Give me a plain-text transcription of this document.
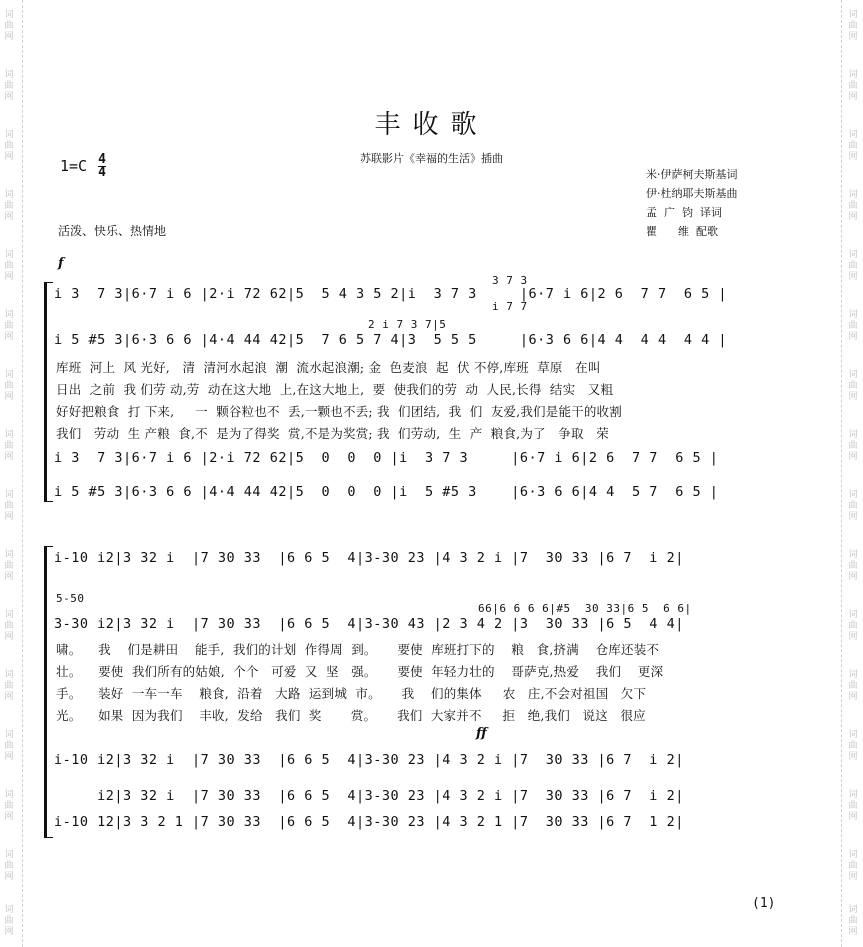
词
曲
网
词
曲
网
词
曲
网
词
曲
网
词
曲
网
词
曲
网
词
曲
网
词
曲
网
词
曲
网
词
曲
网
词
曲
网
词
曲
网
词
曲
网
词
曲
网
词
曲
网
词
曲
网
词
曲
网
词
曲
网
词
曲
网
词
曲
网
词
曲
网
词
曲
网
词
曲
网
词
曲
网
词
曲
网
词
曲
网
词
曲
网
词
曲
网
词
曲
网
词
曲
网
词
曲
网
词
曲
网
丰收歌
苏联影片《幸福的生活》插曲
$1=C \frac{4}{4}$	米·伊萨柯夫斯基词
伊·杜纳耶夫斯基曲
孟  广  钧  译词
瞿      维  配歌
活泼、快乐、热情地
f
3 7 3
i 3  7 3|6·7 i 6 |2·i 72 62|5  5 4 3 5 2|i  3 7 3     |6·7 i 6|2 6  7 7  6 5 |
i 7 7
2 i 7 3 7|5
i 5 #5 3|6·3 6 6 |4·4 44 42|5  7 6 5 7 4|3  5 5 5     |6·3 6 6|4 4  4 4  4 4 |
库班  河上  风 光好,   清  清河水起浪  潮  流水起浪潮; 金  色麦浪  起  伏 不停,库班  草原   在叫
日出  之前  我 们劳 动,劳  动在这大地  上,在这大地上,  要  使我们的劳  动  人民,长得  结实   又粗
好好把粮食  打 下来,     一  颗谷粒也不  丢,一颗也不丢; 我  们团结,  我  们  友爱,我们是能干的收割
我们   劳动  生 产粮  食,不  是为了得奖  赏,不是为奖赏; 我  们劳动,  生  产  粮食,为了   争取   荣
i 3  7 3|6·7 i 6 |2·i 72 62|5  0  0  0 |i  3 7 3     |6·7 i 6|2 6  7 7  6 5 |
i 5 #5 3|6·3 6 6 |4·4 44 42|5  0  0  0 |i  5 #5 3    |6·3 6 6|4 4  5 7  6 5 |
i-10 i2|3 32 i  |7 30 33  |6 6 5  4|3-30 23 |4 3 2 i |7  30 33 |6 7  i 2|
5-50
66|6 6 6 6|#5  30 33|6 5  6 6|
3-30 i2|3 32 i  |7 30 33  |6 6 5  4|3-30 43 |2 3 4 2 |3  30 33 |6 5  4 4|
啸。    我    们是耕田    能手,  我们的计划  作得周  到。     要使  库班打下的    粮   食,挤满    仓库还装不
壮。    要使  我们所有的姑娘,  个个   可爱  又  坚   强。     要使  年轻力壮的    哥萨克,热爱    我们    更深
手。    装好  一车一车    粮食,  沿着   大路  运到城  市。     我    们的集体     农   庄,不会对祖国   欠下
光。    如果  因为我们    丰收,  发给   我们  奖       赏。     我们  大家并不     拒   绝,我们   说这   很应
ff
i-10 i2|3 32 i  |7 30 33  |6 6 5  4|3-30 23 |4 3 2 i |7  30 33 |6 7  i 2|
i2|3 32 i  |7 30 33  |6 6 5  4|3-30 23 |4 3 2 i |7  30 33 |6 7  i 2|
i-10 12|3 3 2 1 |7 30 33  |6 6 5  4|3-30 23 |4 3 2 1 |7  30 33 |6 7  1 2|
(1)
